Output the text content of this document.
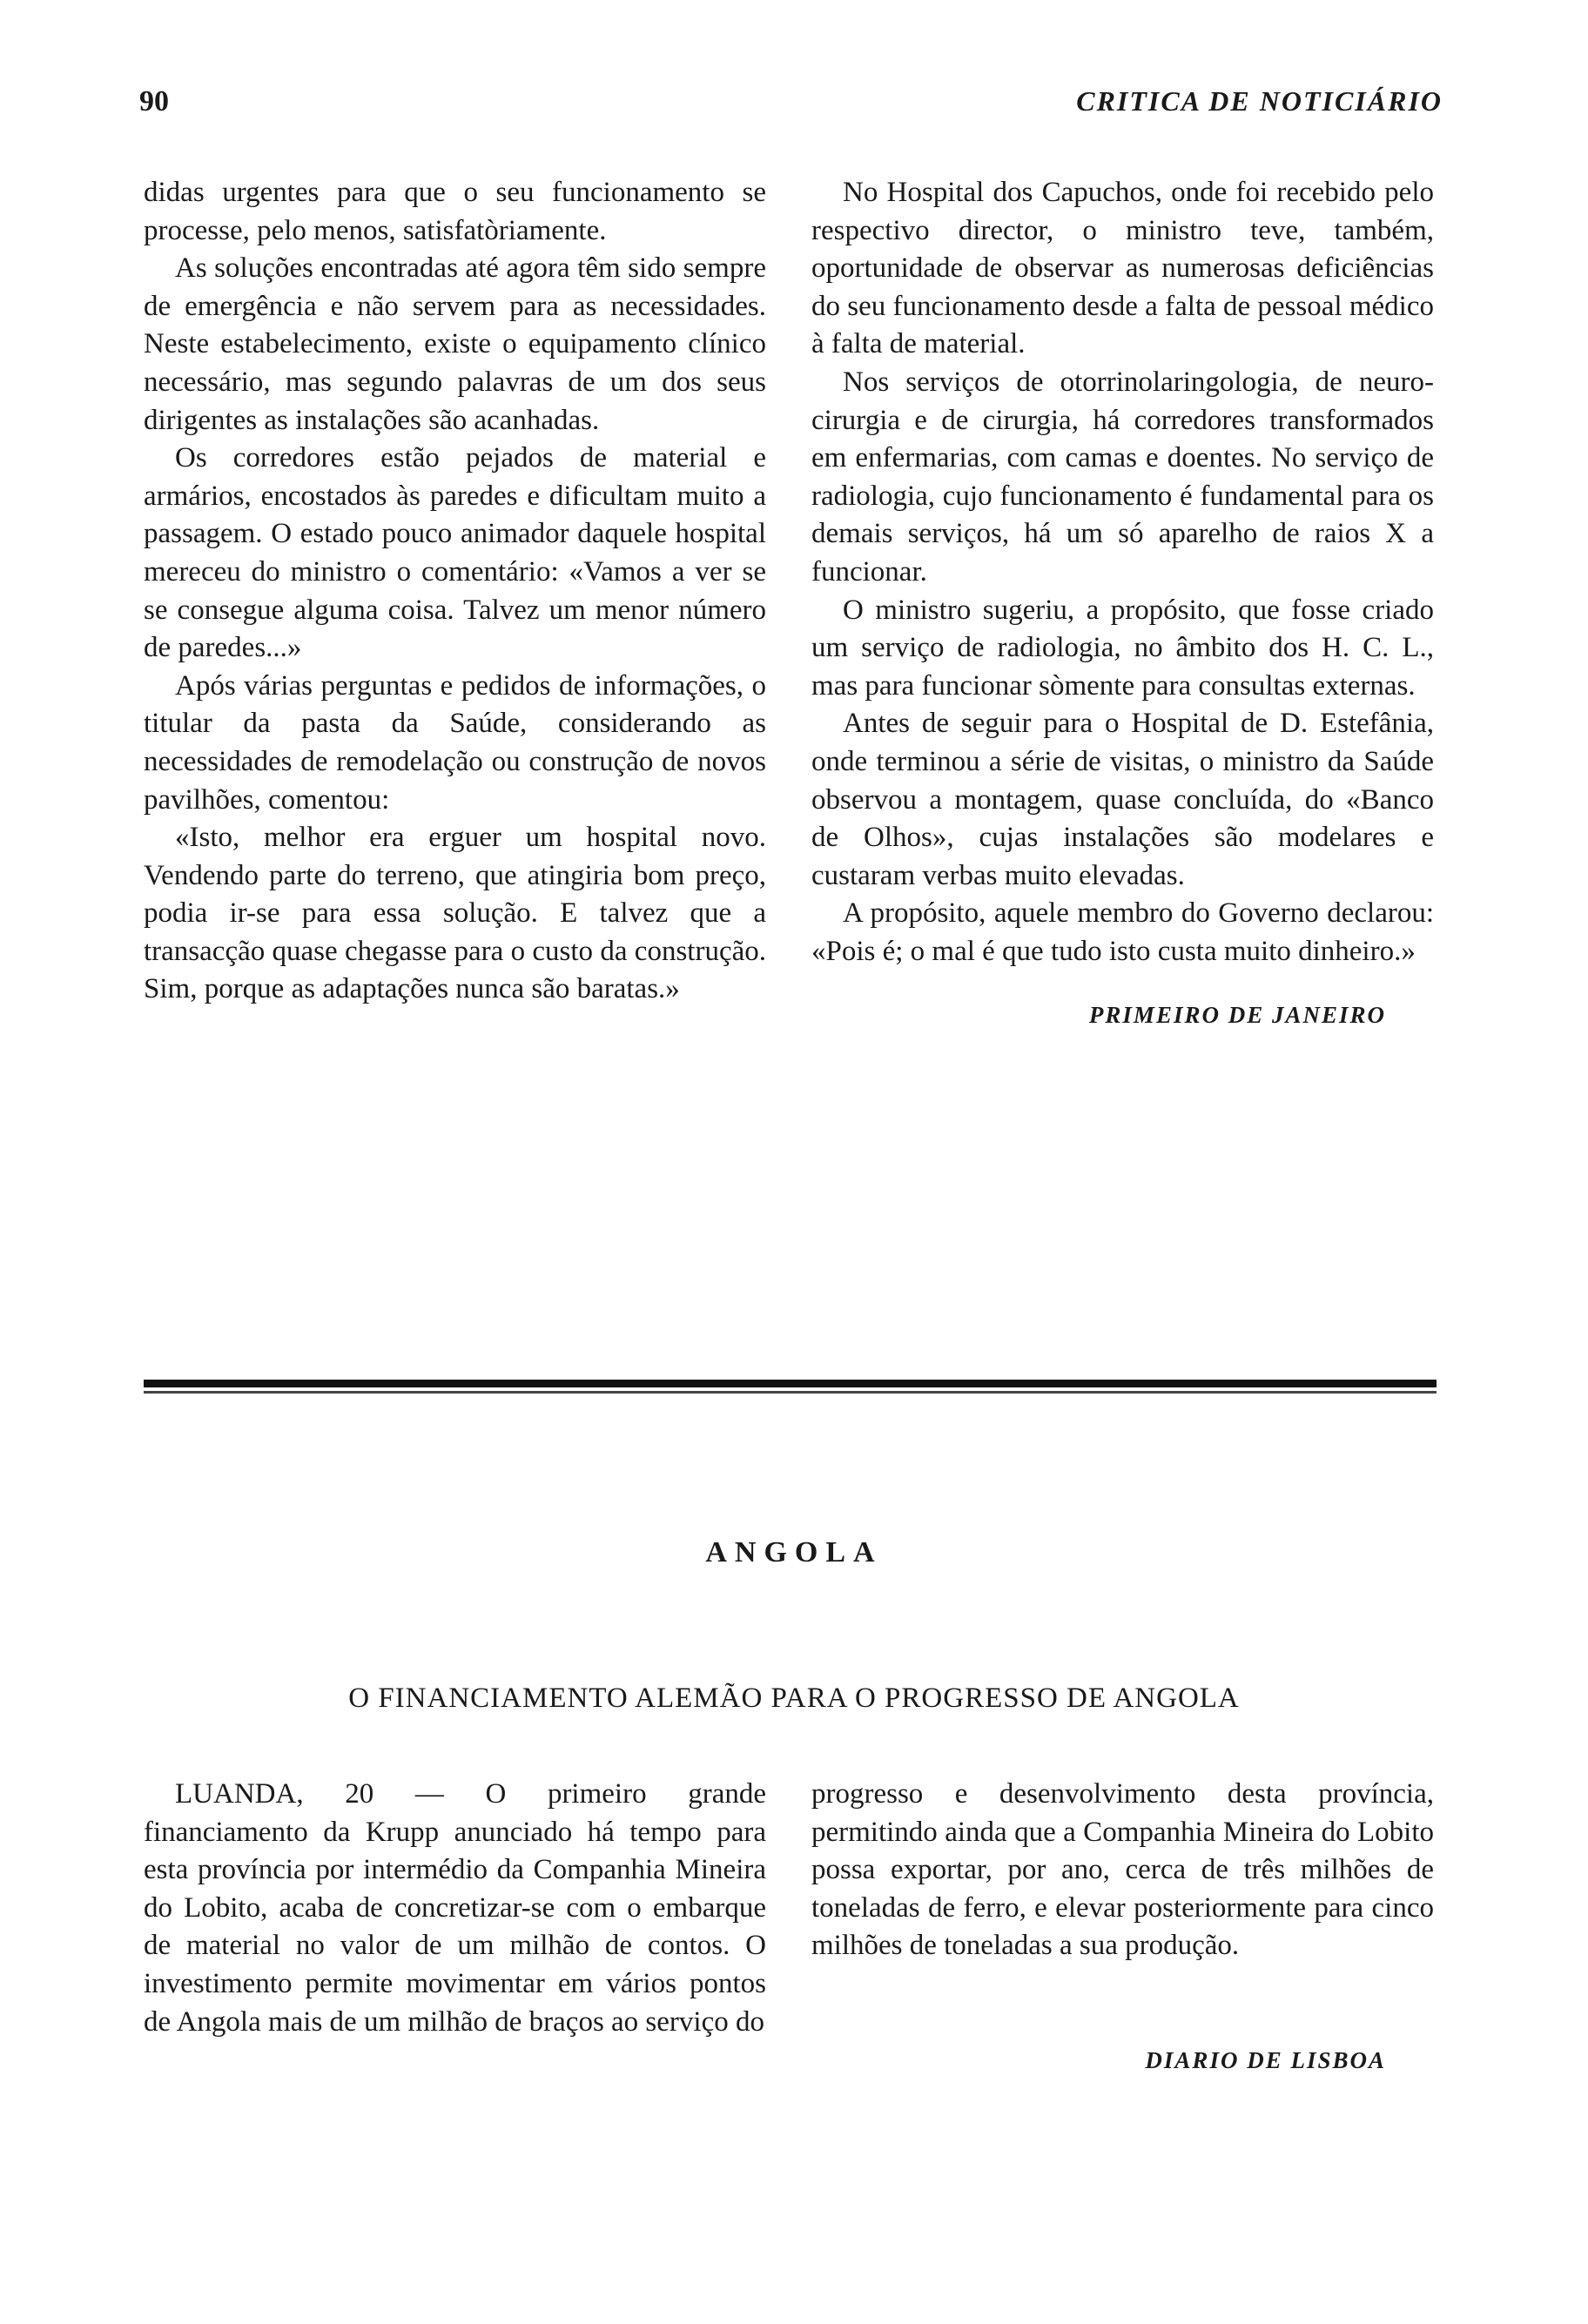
90	CRITICA DE NOTICIÁRIO

didas urgentes para que o seu funcionamento se processe, pelo menos, satisfatòriamente.

As soluções encontradas até agora têm sido sempre de emergência e não servem para as necessidades. Neste estabelecimento, existe o equipamento clínico necessário, mas segundo palavras de um dos seus dirigentes as instalações são acanhadas.

Os corredores estão pejados de material e armários, encostados às paredes e dificultam muito a passagem. O estado pouco animador daquele hospital mereceu do ministro o comentário: «Vamos a ver se se consegue alguma coisa. Talvez um menor número de paredes...»

Após várias perguntas e pedidos de informações, o titular da pasta da Saúde, considerando as necessidades de remodelação ou construção de novos pavilhões, comentou:

«Isto, melhor era erguer um hospital novo. Vendendo parte do terreno, que atingiria bom preço, podia ir-se para essa solução. E talvez que a transacção quase chegasse para o custo da construção. Sim, porque as adaptações nunca são baratas.»

No Hospital dos Capuchos, onde foi recebido pelo respectivo director, o ministro teve, também, oportunidade de observar as numerosas deficiências do seu funcionamento desde a falta de pessoal médico à falta de material.

Nos serviços de otorrinolaringologia, de neuro-cirurgia e de cirurgia, há corredores transformados em enfermarias, com camas e doentes. No serviço de radiologia, cujo funcionamento é fundamental para os demais serviços, há um só aparelho de raios X a funcionar.

O ministro sugeriu, a propósito, que fosse criado um serviço de radiologia, no âmbito dos H. C. L., mas para funcionar sòmente para consultas externas.

Antes de seguir para o Hospital de D. Estefânia, onde terminou a série de visitas, o ministro da Saúde observou a montagem, quase concluída, do «Banco de Olhos», cujas instalações são modelares e custaram verbas muito elevadas.

A propósito, aquele membro do Governo declarou: «Pois é; o mal é que tudo isto custa muito dinheiro.»

PRIMEIRO DE JANEIRO

ANGOLA
O FINANCIAMENTO ALEMÃO PARA O PROGRESSO DE ANGOLA

LUANDA, 20 — O primeiro grande financiamento da Krupp anunciado há tempo para esta província por intermédio da Companhia Mineira do Lobito, acaba de concretizar-se com o embarque de material no valor de um milhão de contos. O investimento permite movimentar em vários pontos de Angola mais de um milhão de braços ao serviço do

progresso e desenvolvimento desta província, permitindo ainda que a Companhia Mineira do Lobito possa exportar, por ano, cerca de três milhões de toneladas de ferro, e elevar posteriormente para cinco milhões de toneladas a sua produção.

DIARIO DE LISBOA
